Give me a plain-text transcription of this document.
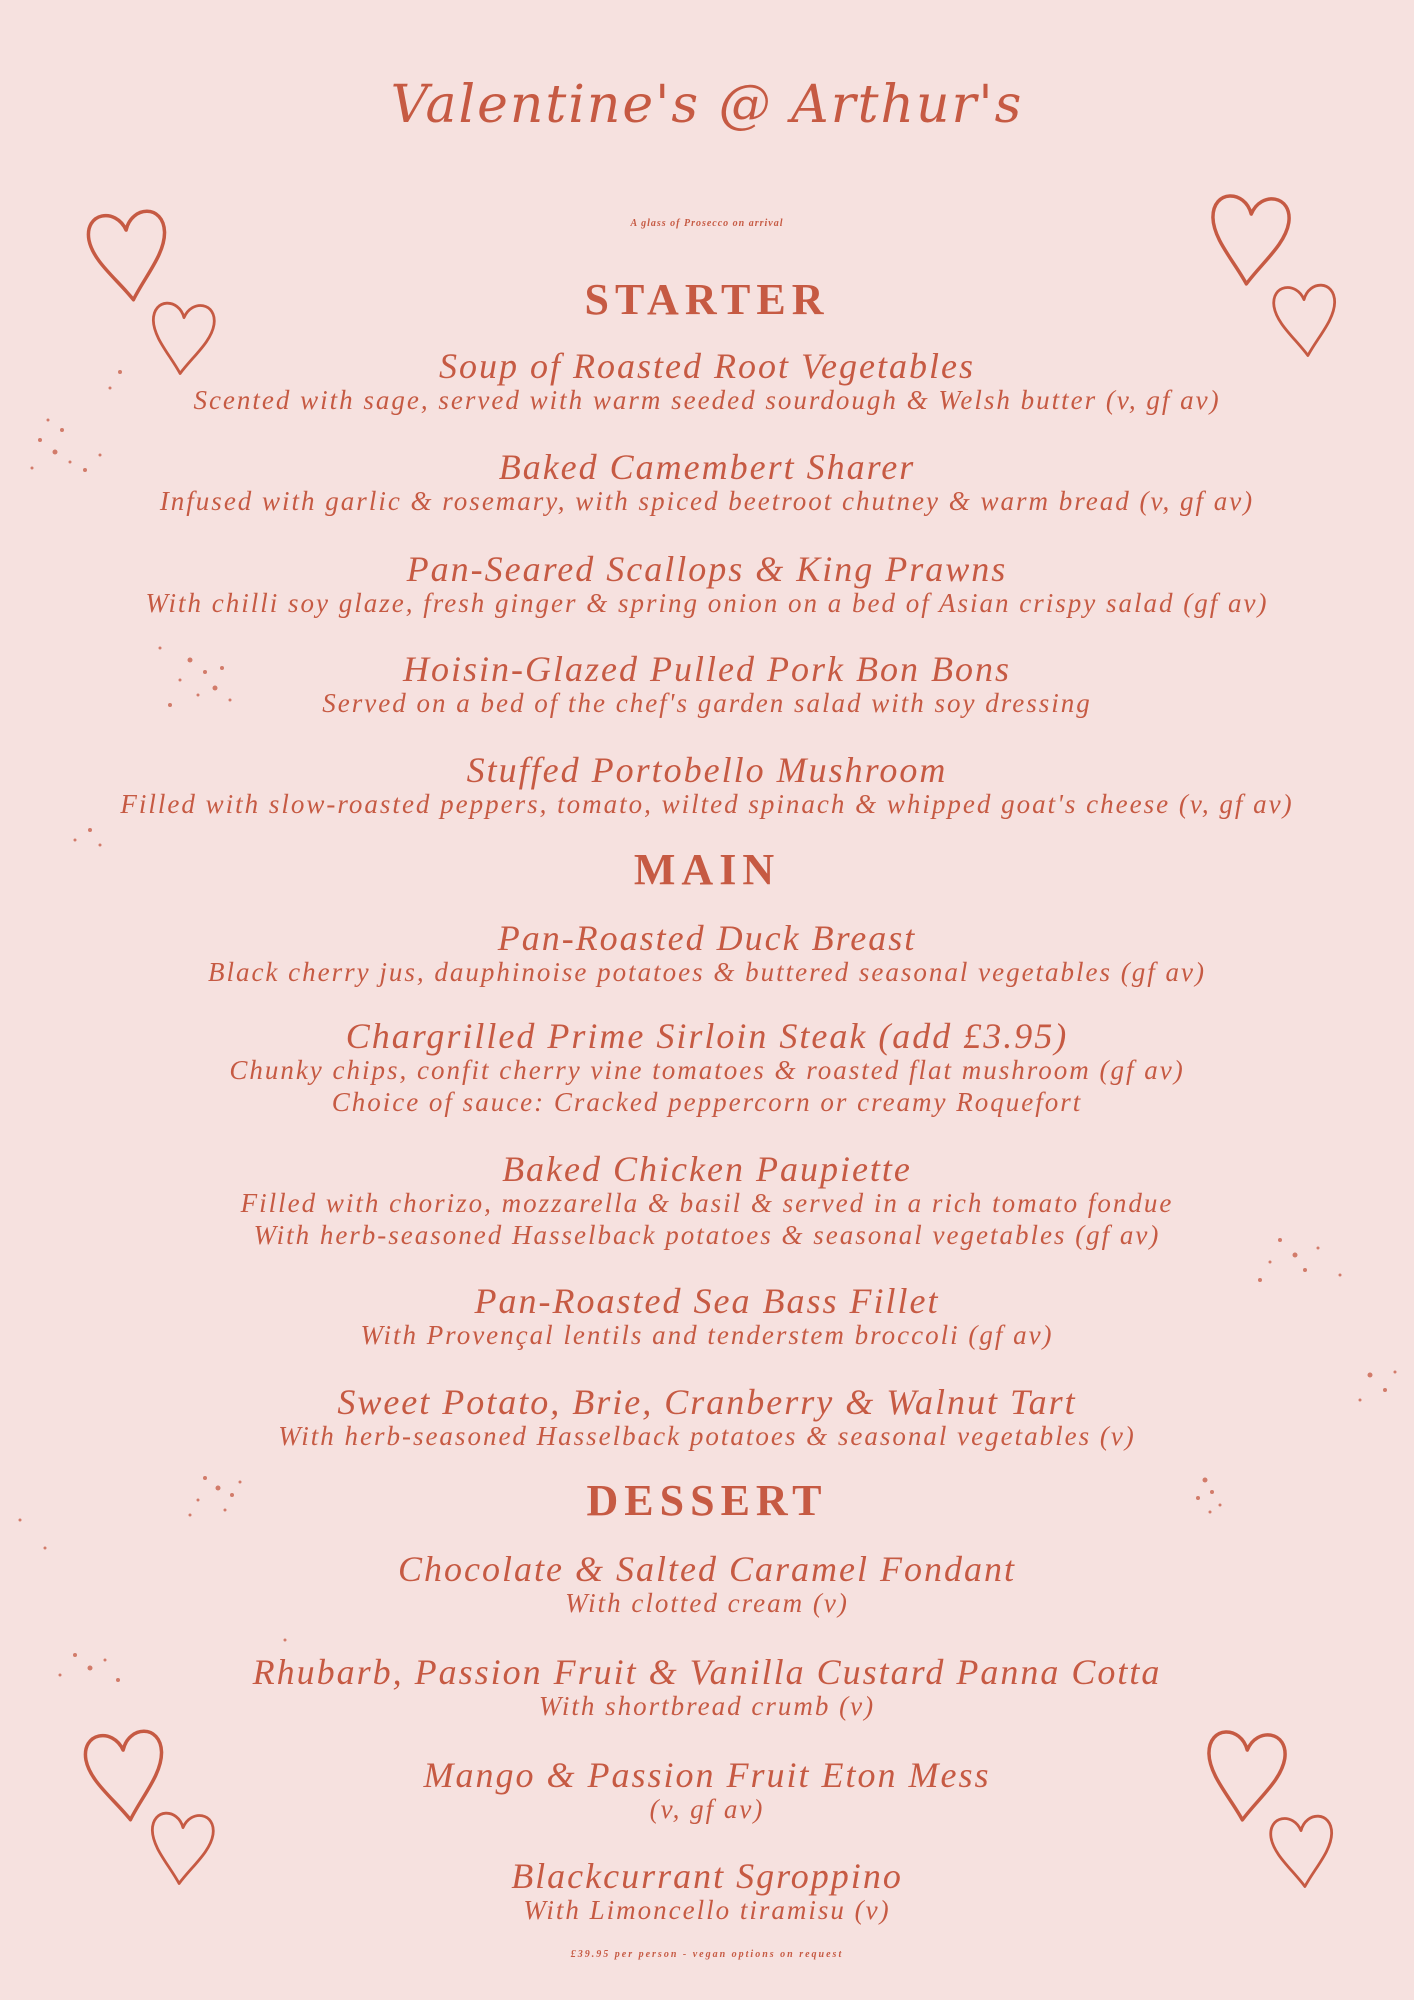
Valentine's @ Arthur's
A glass of Prosecco on arrival
STARTER
Soup of Roasted Root Vegetables
Scented with sage, served with warm seeded sourdough & Welsh butter (v, gf av)
Baked Camembert Sharer
Infused with garlic & rosemary, with spiced beetroot chutney & warm bread (v, gf av)
Pan-Seared Scallops & King Prawns
With chilli soy glaze, fresh ginger & spring onion on a bed of Asian crispy salad (gf av)
Hoisin-Glazed Pulled Pork Bon Bons
Served on a bed of the chef's garden salad with soy dressing
Stuffed Portobello Mushroom
Filled with slow-roasted peppers, tomato, wilted spinach & whipped goat's cheese (v, gf av)
MAIN
Pan-Roasted Duck Breast
Black cherry jus, dauphinoise potatoes & buttered seasonal vegetables (gf av)
Chargrilled Prime Sirloin Steak (add £3.95)
Chunky chips, confit cherry vine tomatoes & roasted flat mushroom (gf av)
Choice of sauce: Cracked peppercorn or creamy Roquefort
Baked Chicken Paupiette
Filled with chorizo, mozzarella & basil & served in a rich tomato fondue
With herb-seasoned Hasselback potatoes & seasonal vegetables (gf av)
Pan-Roasted Sea Bass Fillet
With Provençal lentils and tenderstem broccoli (gf av)
Sweet Potato, Brie, Cranberry & Walnut Tart
With herb-seasoned Hasselback potatoes & seasonal vegetables (v)
DESSERT
Chocolate & Salted Caramel Fondant
With clotted cream (v)
Rhubarb, Passion Fruit & Vanilla Custard Panna Cotta
With shortbread crumb (v)
Mango & Passion Fruit Eton Mess
(v, gf av)
Blackcurrant Sgroppino
With Limoncello tiramisu (v)
£39.95 per person - vegan options on request
